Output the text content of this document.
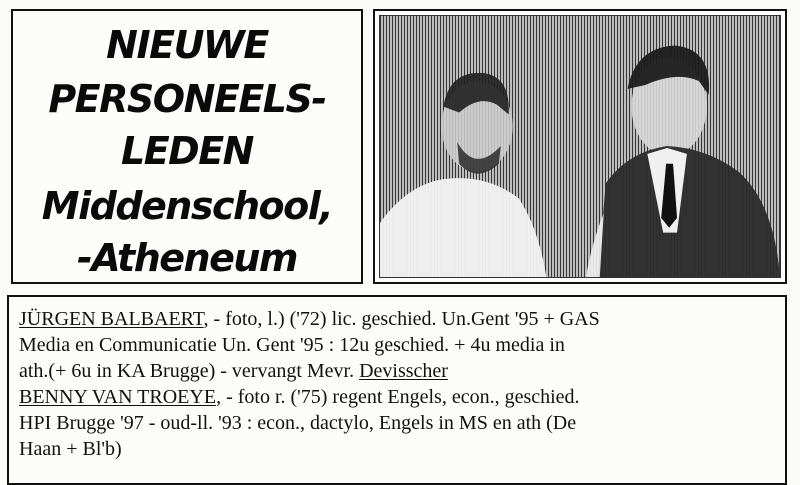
NIEUWE
PERSONEELS-
LEDEN
Middenschool,
-Atheneum

JÜRGEN BALBAERT, - foto, l.) ('72) lic. geschied. Un.Gent '95 + GAS

Media en Communicatie Un. Gent '95 : 12u geschied. + 4u media in

ath.(+ 6u in KA Brugge) - vervangt Mevr. Devisscher

BENNY VAN TROEYE, - foto r. ('75) regent Engels, econ., geschied.

HPI Brugge '97 - oud-ll. '93 : econ., dactylo, Engels in MS en ath (De

Haan + Bl'b)
